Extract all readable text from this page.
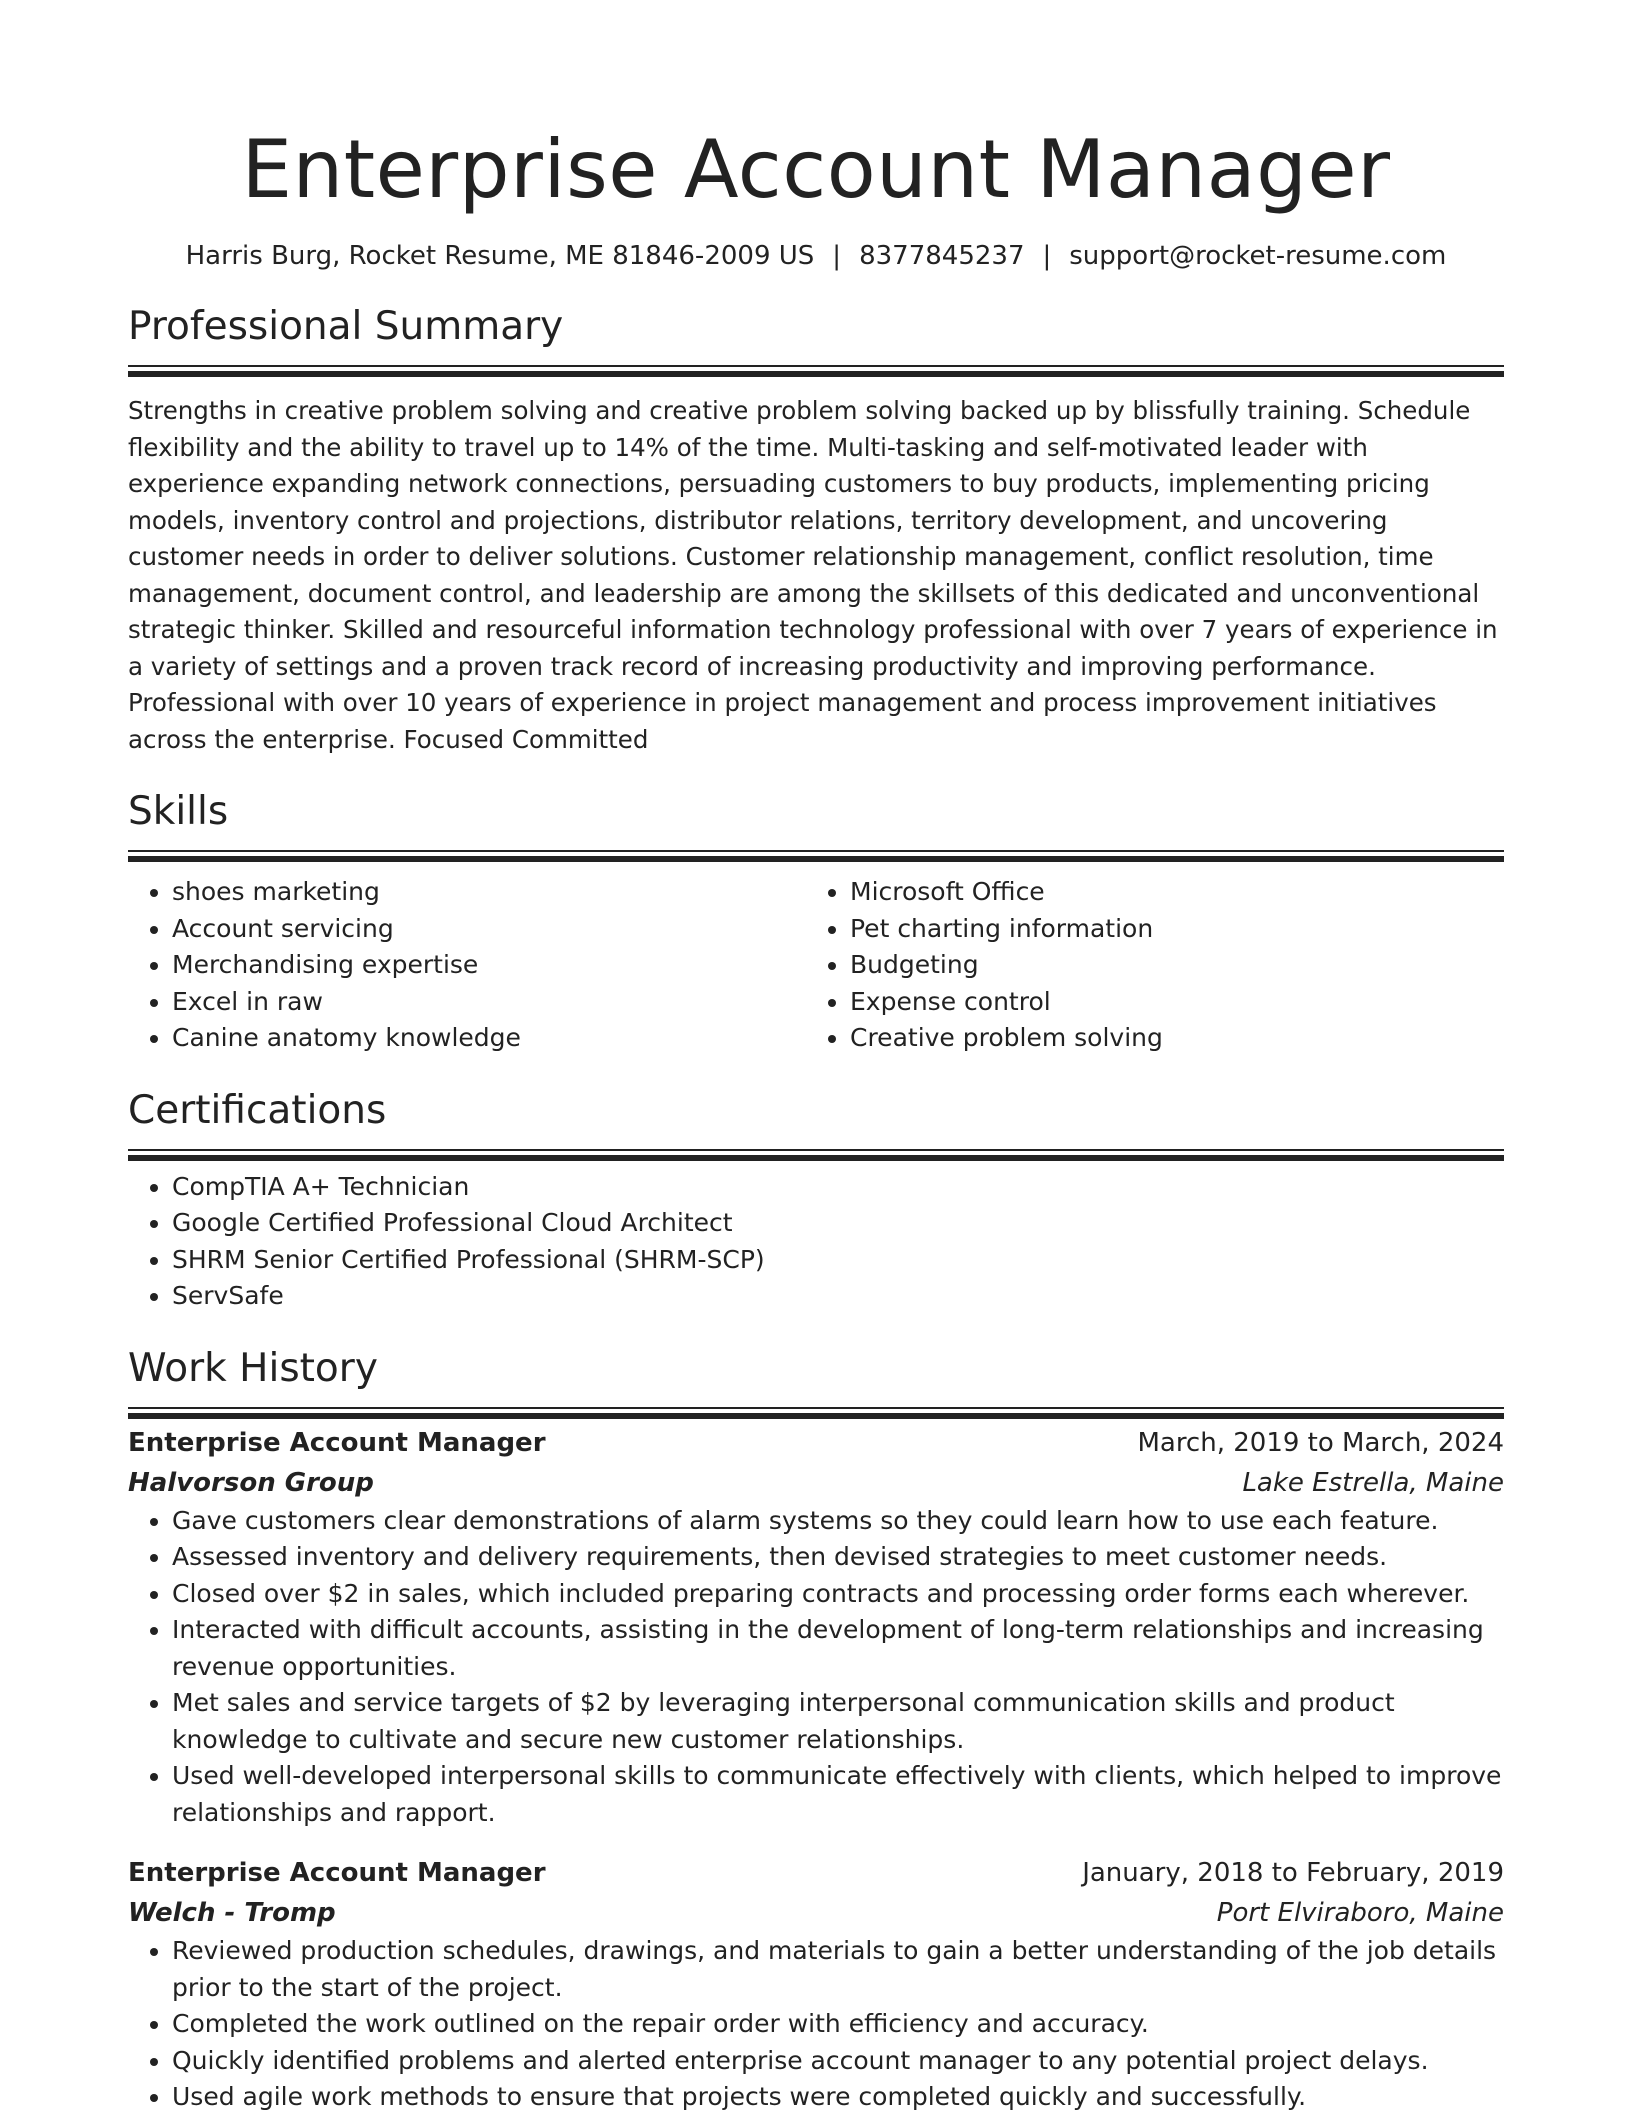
Enterprise Account Manager
Harris Burg, Rocket Resume, ME 81846-2009 US | 8377845237 | support@rocket-resume.com
Professional Summary
Strengths in creative problem solving and creative problem solving backed up by blissfully training. Schedule flexibility and the ability to travel up to 14% of the time. Multi-tasking and self-motivated leader with experience expanding network connections, persuading customers to buy products, implementing pricing models, inventory control and projections, distributor relations, territory development, and uncovering customer needs in order to deliver solutions. Customer relationship management, conflict resolution, time management, document control, and leadership are among the skillsets of this dedicated and unconventional strategic thinker. Skilled and resourceful information technology professional with over 7 years of experience in a variety of settings and a proven track record of increasing productivity and improving performance. Professional with over 10 years of experience in project management and process improvement initiatives across the enterprise. Focused Committed
Skills
• shoes marketing
• Account servicing
• Merchandising expertise
• Excel in raw
• Canine anatomy knowledge
• Microsoft Office
• Pet charting information
• Budgeting
• Expense control
• Creative problem solving
Certifications
• CompTIA A+ Technician
• Google Certified Professional Cloud Architect
• SHRM Senior Certified Professional (SHRM-SCP)
• ServSafe
Work History
Enterprise Account Manager	March, 2019 to March, 2024
Halvorson Group	Lake Estrella, Maine
• Gave customers clear demonstrations of alarm systems so they could learn how to use each feature.
• Assessed inventory and delivery requirements, then devised strategies to meet customer needs.
• Closed over $2 in sales, which included preparing contracts and processing order forms each wherever.
• Interacted with difficult accounts, assisting in the development of long-term relationships and increasing revenue opportunities.
• Met sales and service targets of $2 by leveraging interpersonal communication skills and product knowledge to cultivate and secure new customer relationships.
• Used well-developed interpersonal skills to communicate effectively with clients, which helped to improve relationships and rapport.
Enterprise Account Manager	January, 2018 to February, 2019
Welch - Tromp	Port Elviraboro, Maine
• Reviewed production schedules, drawings, and materials to gain a better understanding of the job details prior to the start of the project.
• Completed the work outlined on the repair order with efficiency and accuracy.
• Quickly identified problems and alerted enterprise account manager to any potential project delays.
• Used agile work methods to ensure that projects were completed quickly and successfully.
